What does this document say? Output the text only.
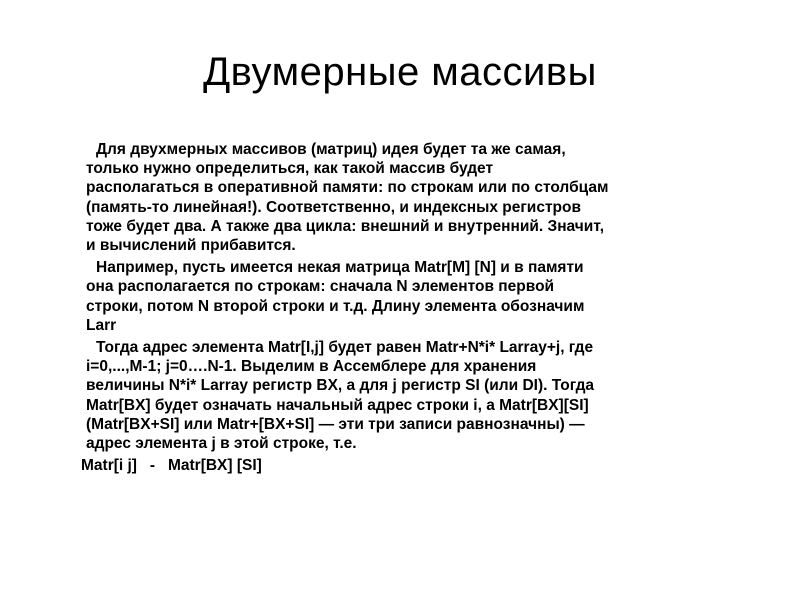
Двумерные массивы
Для двухмерных массивов (матриц) идея будет та же самая,
только нужно определиться, как такой массив будет
располагаться в оперативной памяти: по строкам или по столбцам
(память-то линейная!). Соответственно, и индексных регистров
тоже будет два. А также два цикла: внешний и внутренний. Значит,
и вычислений прибавится.
Например, пусть имеется некая матрица Matr[M] [N] и в памяти
она располагается по строкам: сначала N элементов первой
строки, потом N второй строки и т.д. Длину элемента обозначим
Larr
Тогда адрес элемента Matr[I,j] будет равен Matr+N*i* Larray+j, где
i=0,...,M-1; j=0….N-1. Выделим в Ассемблере для хранения
величины N*i* Larray регистр BX, а для j регистр SI (или DI). Тогда
Matr[BX] будет означать начальный адрес строки i, а Matr[BX][SI]
(Matr[BX+SI] или Matr+[BX+SI] — эти три записи равнозначны) —
адрес элемента j в этой строке, т.е.
Matr[i j]   -   Matr[BX] [SI]
